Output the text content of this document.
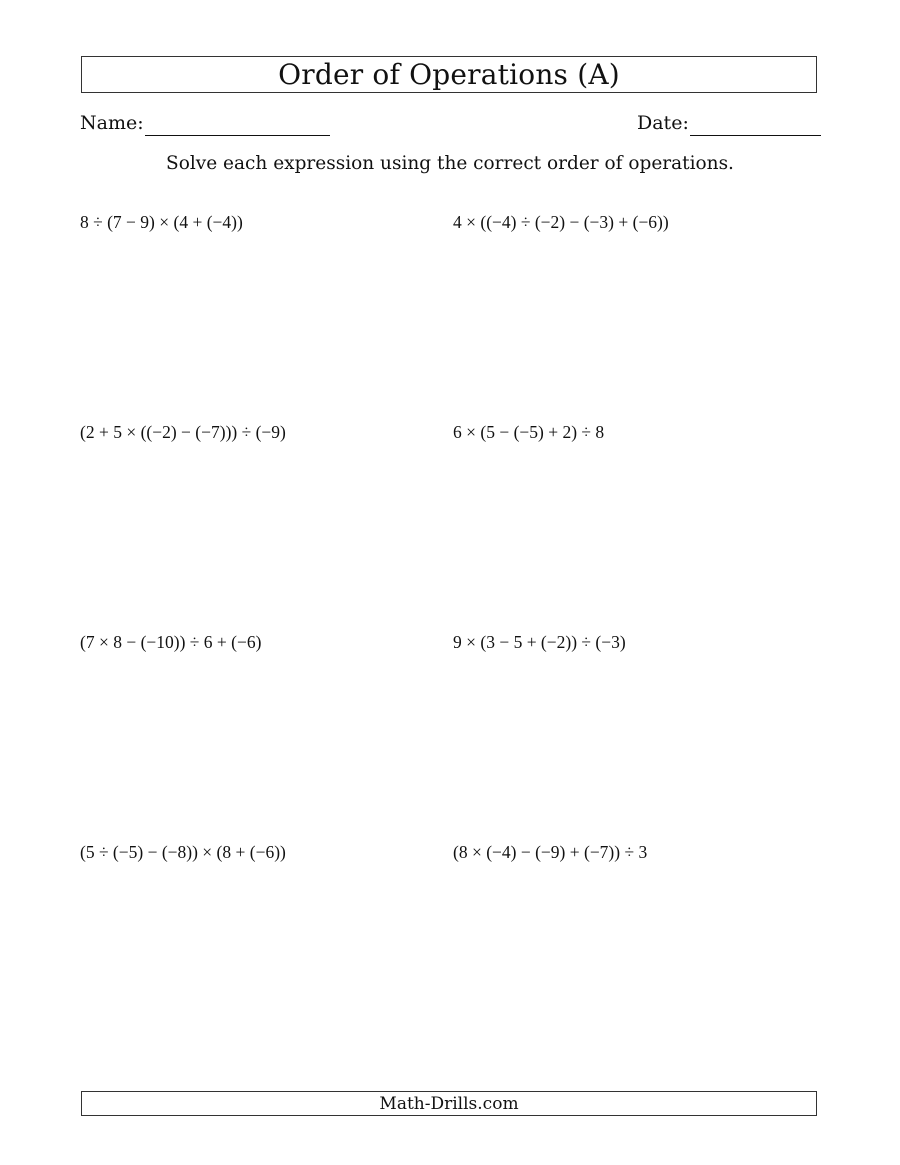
Order of Operations (A)
Name:	Date:
Solve each expression using the correct order of operations.
8 ÷ (7 − 9) × (4 + (−4))	4 × ((−4) ÷ (−2) − (−3) + (−6))
(2 + 5 × ((−2) − (−7))) ÷ (−9)	6 × (5 − (−5) + 2) ÷ 8
(7 × 8 − (−10)) ÷ 6 + (−6)	9 × (3 − 5 + (−2)) ÷ (−3)
(5 ÷ (−5) − (−8)) × (8 + (−6))	(8 × (−4) − (−9) + (−7)) ÷ 3
Math-Drills.com
